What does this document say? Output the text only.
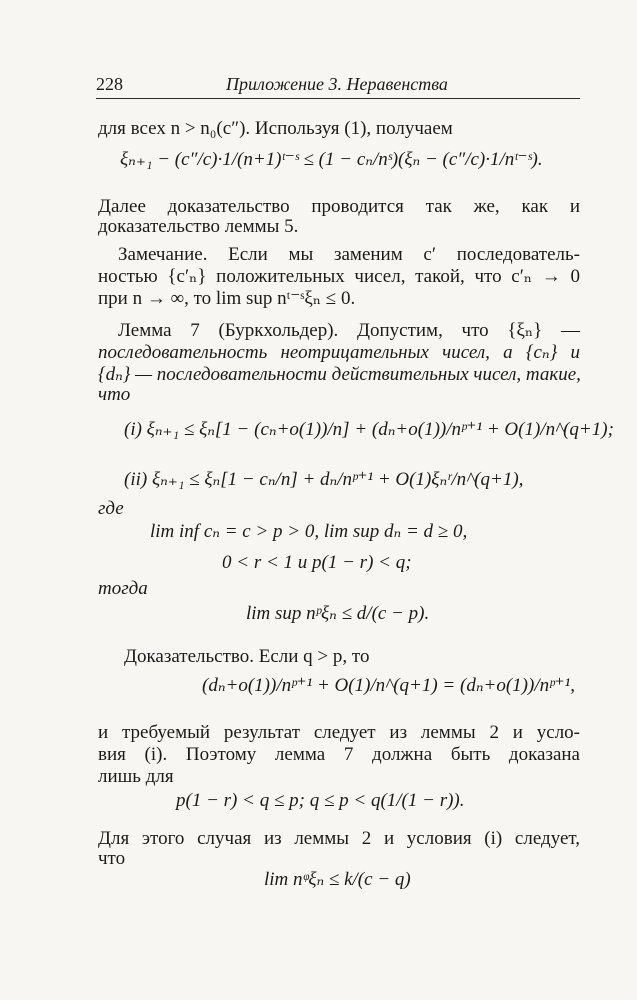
228	Приложение 3. Неравенства
для всех n > n₀(c″). Используя (1), получаем
ξₙ₊₁ − (c″/c)·1/(n+1)ᵗ⁻ˢ ≤ (1 − cₙ/nˢ)(ξₙ − (c″/c)·1/nᵗ⁻ˢ).
Далее доказательство проводится так же, как и
доказательство леммы 5.
Замечание. Если мы заменим c′ последователь-
ностью {c′ₙ} положительных чисел, такой, что c′ₙ → 0
при n → ∞, то lim sup nᵗ⁻ˢξₙ ≤ 0.
Лемма 7 (Буркхольдер). Допустим, что {ξₙ} —
последовательность неотрицательных чисел, а {cₙ} и
{dₙ} — последовательности действительных чисел, такие,
что
(i) ξₙ₊₁ ≤ ξₙ[1 − (cₙ+o(1))/n] + (dₙ+o(1))/nᵖ⁺¹ + O(1)/n^(q+1);
(ii) ξₙ₊₁ ≤ ξₙ[1 − cₙ/n] + dₙ/nᵖ⁺¹ + O(1)ξₙʳ/n^(q+1),
где
lim inf cₙ = c > p > 0, lim sup dₙ = d ≥ 0,
0 < r < 1 и p(1 − r) < q;
тогда
lim sup nᵖξₙ ≤ d/(c − p).
Доказательство. Если q > p, то
(dₙ+o(1))/nᵖ⁺¹ + O(1)/n^(q+1) = (dₙ+o(1))/nᵖ⁺¹,
и требуемый результат следует из леммы 2 и усло-
вия (i). Поэтому лемма 7 должна быть доказана
лишь для
p(1 − r) < q ≤ p; q ≤ p < q(1/(1 − r)).
Для этого случая из леммы 2 и условия (i) следует,
что
lim nᵠξₙ ≤ k/(c − q)
